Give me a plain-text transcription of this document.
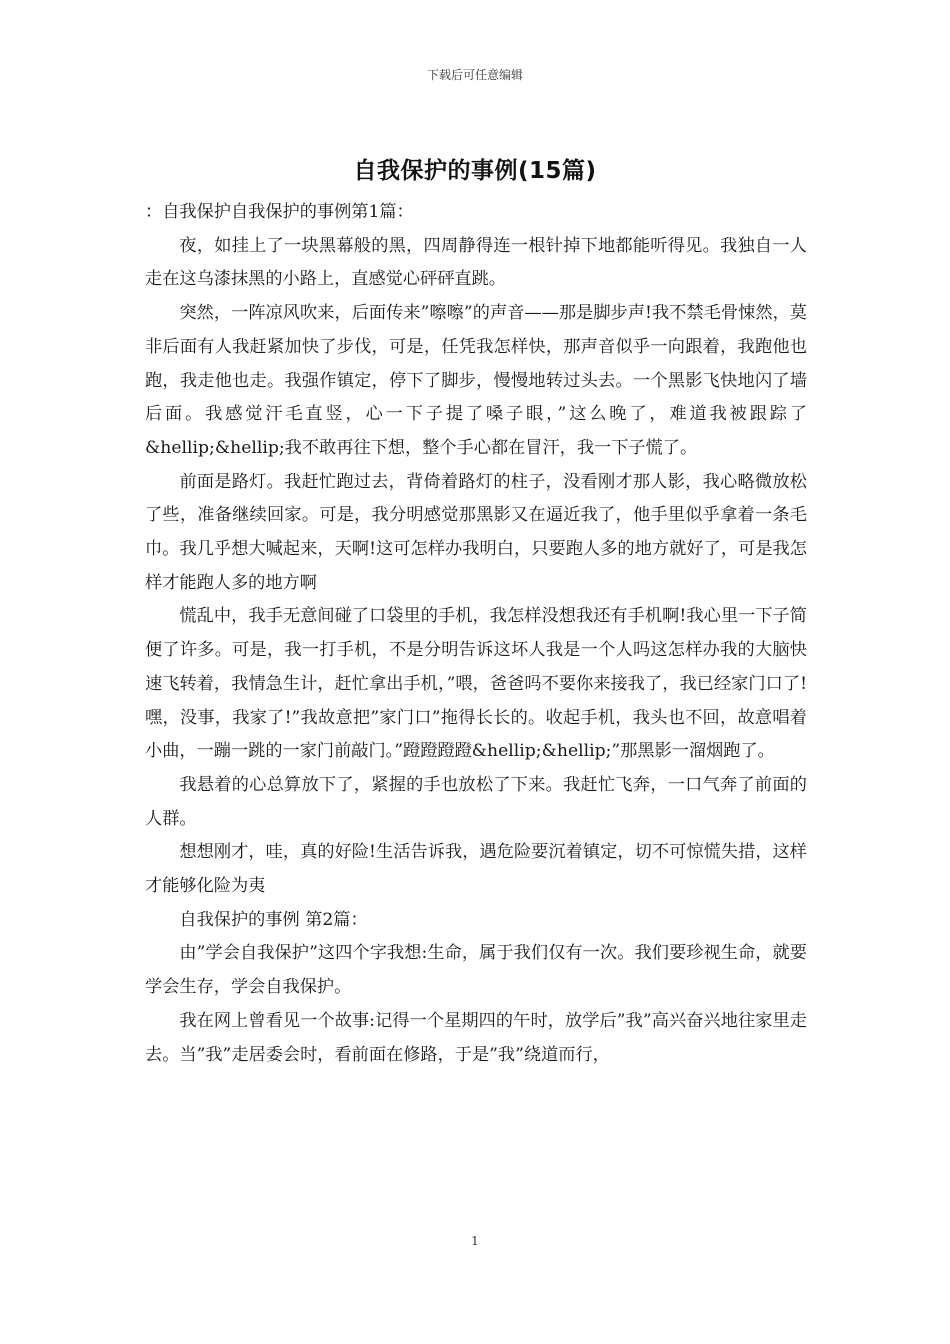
下载后可任意编辑
自我保护的事例(15篇)

：自我保护自我保护的事例第1篇：

夜，如挂上了一块黑幕般的黑，四周静得连一根针掉下地都能听得见。我独自一人走在这乌漆抹黑的小路上，直感觉心砰砰直跳。

突然，一阵凉风吹来，后面传来”嚓嚓”的声音——那是脚步声!我不禁毛骨悚然，莫非后面有人我赶紧加快了步伐，可是，任凭我怎样快，那声音似乎一向跟着，我跑他也跑，我走他也走。我强作镇定，停下了脚步，慢慢地转过头去。一个黑影飞快地闪了墙后面。我感觉汗毛直竖，心一下子提了嗓子眼，”这么晚了，难道我被跟踪了&hellip;&hellip;我不敢再往下想，整个手心都在冒汗，我一下子慌了。

前面是路灯。我赶忙跑过去，背倚着路灯的柱子，没看刚才那人影，我心略微放松了些，准备继续回家。可是，我分明感觉那黑影又在逼近我了，他手里似乎拿着一条毛巾。我几乎想大喊起来，天啊!这可怎样办我明白，只要跑人多的地方就好了，可是我怎样才能跑人多的地方啊

慌乱中，我手无意间碰了口袋里的手机，我怎样没想我还有手机啊!我心里一下子简便了许多。可是，我一打手机，不是分明告诉这坏人我是一个人吗这怎样办我的大脑快速飞转着，我情急生计，赶忙拿出手机，”喂，爸爸吗不要你来接我了，我已经家门口了!嘿，没事，我家了!”我故意把”家门口”拖得长长的。收起手机，我头也不回，故意唱着小曲，一蹦一跳的一家门前敲门。”蹬蹬蹬蹬&hellip;&hellip;”那黑影一溜烟跑了。

我悬着的心总算放下了，紧握的手也放松了下来。我赶忙飞奔，一口气奔了前面的人群。

想想刚才，哇，真的好险!生活告诉我，遇危险要沉着镇定，切不可惊慌失措，这样才能够化险为夷

自我保护的事例 第2篇：

由”学会自我保护”这四个字我想:生命，属于我们仅有一次。我们要珍视生命，就要学会生存，学会自我保护。

我在网上曾看见一个故事:记得一个星期四的午时，放学后”我”高兴奋兴地往家里走去。当”我”走居委会时，看前面在修路，于是”我”绕道而行，

1
